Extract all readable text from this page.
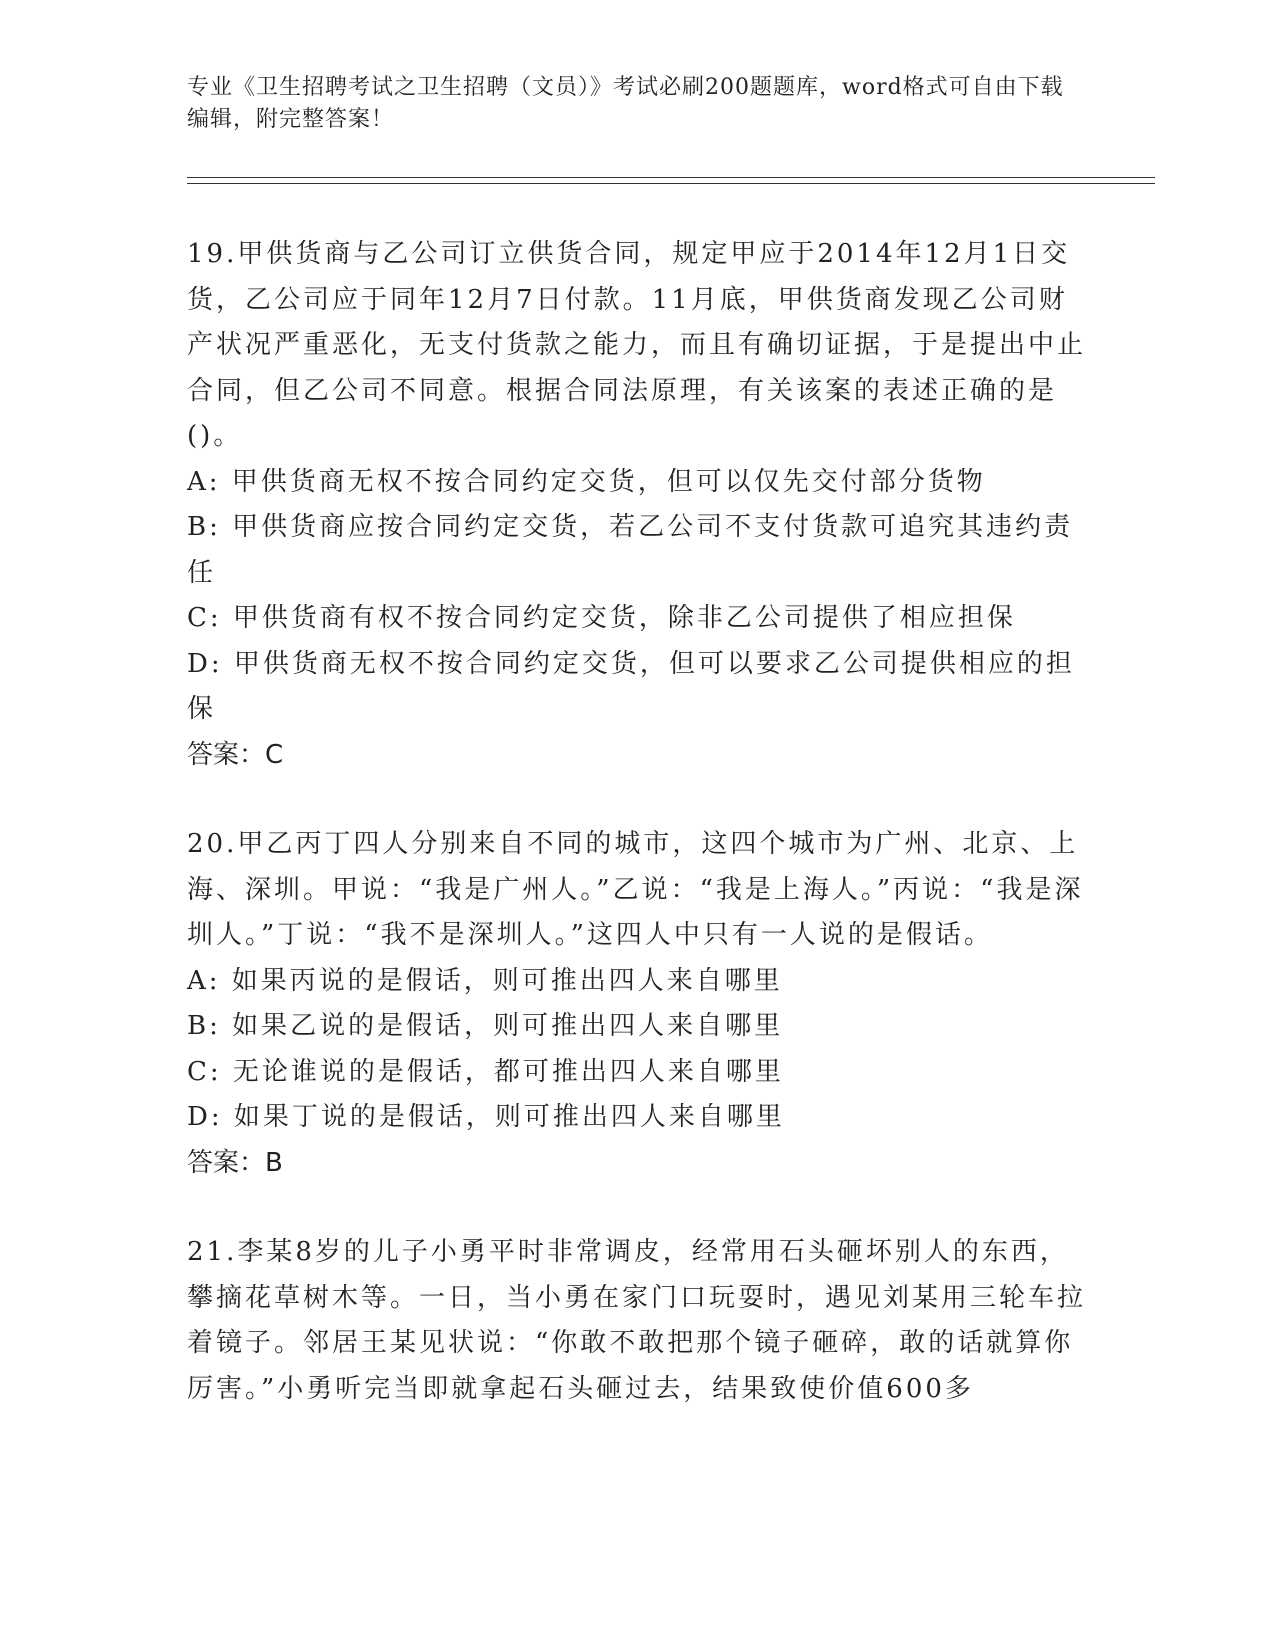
专业《卫生招聘考试之卫生招聘（文员）》考试必刷200题题库，word格式可自由下载编辑，附完整答案！

19.甲供货商与乙公司订立供货合同，规定甲应于2014年12月1日交货，乙公司应于同年12月7日付款。11月底，甲供货商发现乙公司财产状况严重恶化，无支付货款之能力，而且有确切证据，于是提出中止合同，但乙公司不同意。根据合同法原理，有关该案的表述正确的是()。

A: 甲供货商无权不按合同约定交货，但可以仅先交付部分货物

B: 甲供货商应按合同约定交货，若乙公司不支付货款可追究其违约责任

C: 甲供货商有权不按合同约定交货，除非乙公司提供了相应担保

D: 甲供货商无权不按合同约定交货，但可以要求乙公司提供相应的担保

答案：C

20.甲乙丙丁四人分别来自不同的城市，这四个城市为广州、北京、上海、深圳。甲说：“我是广州人。”乙说：“我是上海人。”丙说：“我是深圳人。”丁说：“我不是深圳人。”这四人中只有一人说的是假话。

A: 如果丙说的是假话，则可推出四人来自哪里

B: 如果乙说的是假话，则可推出四人来自哪里

C: 无论谁说的是假话，都可推出四人来自哪里

D: 如果丁说的是假话，则可推出四人来自哪里

答案：B

21.李某8岁的儿子小勇平时非常调皮，经常用石头砸坏别人的东西，攀摘花草树木等。一日，当小勇在家门口玩耍时，遇见刘某用三轮车拉着镜子。邻居王某见状说：“你敢不敢把那个镜子砸碎，敢的话就算你厉害。”小勇听完当即就拿起石头砸过去，结果致使价值600多
